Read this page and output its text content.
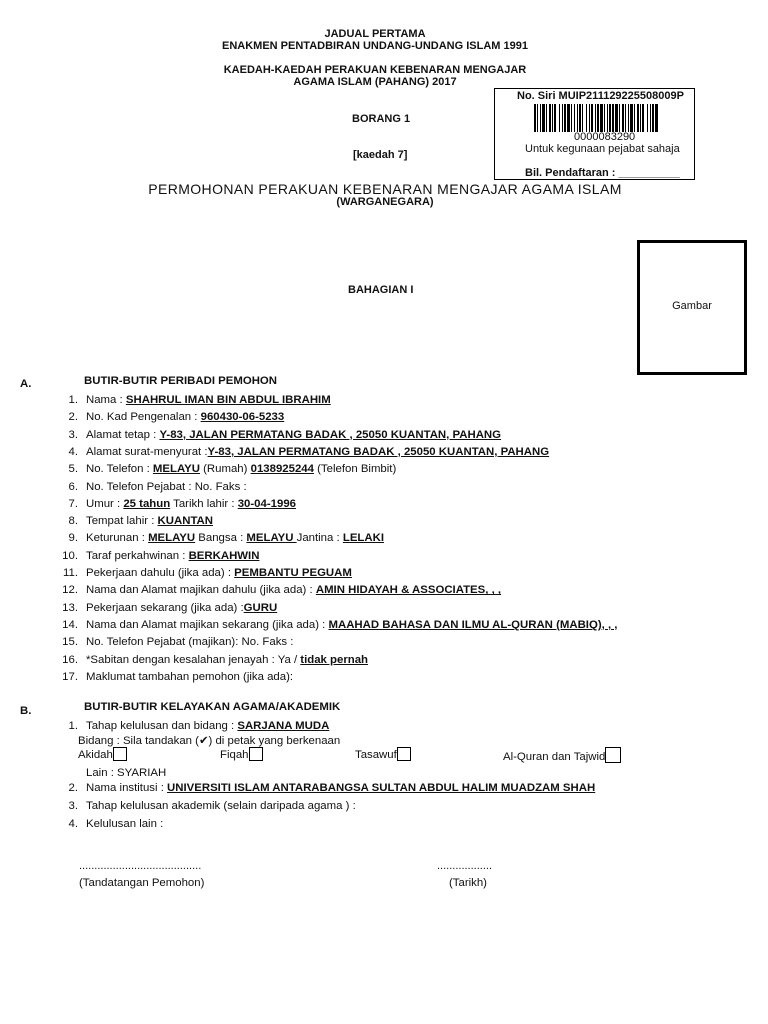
JADUAL PERTAMA
ENAKMEN PENTADBIRAN UNDANG-UNDANG ISLAM 1991
KAEDAH-KAEDAH PERAKUAN KEBENARAN MENGAJAR
AGAMA ISLAM (PAHANG) 2017
BORANG 1
[kaedah 7]
No. Siri MUIP211129225508009P
0000083290
Untuk kegunaan pejabat sahaja
Bil. Pendaftaran : __________
PERMOHONAN PERAKUAN KEBENARAN MENGAJAR AGAMA ISLAM
(WARGANEGARA)
BAHAGIAN I
Gambar
A.	BUTIR-BUTIR PERIBADI PEMOHON
1. Nama : SHAHRUL IMAN BIN ABDUL IBRAHIM
2. No. Kad Pengenalan : 960430-06-5233
3. Alamat tetap : Y-83, JALAN PERMATANG BADAK , 25050 KUANTAN, PAHANG
4. Alamat surat-menyurat :Y-83, JALAN PERMATANG BADAK , 25050 KUANTAN, PAHANG
5. No. Telefon : MELAYU (Rumah) 0138925244 (Telefon Bimbit)
6. No. Telefon Pejabat : No. Faks :
7. Umur : 25 tahun Tarikh lahir : 30-04-1996
8. Tempat lahir : KUANTAN
9. Keturunan : MELAYU Bangsa : MELAYU Jantina : LELAKI
10. Taraf perkahwinan : BERKAHWIN
11. Pekerjaan dahulu (jika ada) : PEMBANTU PEGUAM
12. Nama dan Alamat majikan dahulu (jika ada) : AMIN HIDAYAH & ASSOCIATES, , ,
13. Pekerjaan sekarang (jika ada) :GURU
14. Nama dan Alamat majikan sekarang (jika ada) : MAAHAD BAHASA DAN ILMU AL-QURAN (MABIQ), , ,
15. No. Telefon Pejabat (majikan): No. Faks :
16. *Sabitan dengan kesalahan jenayah : Ya / tidak pernah
17. Maklumat tambahan pemohon (jika ada):
B.	BUTIR-BUTIR KELAYAKAN AGAMA/AKADEMIK
1. Tahap kelulusan dan bidang : SARJANA MUDA
Bidang : Sila tandakan (✔) di petak yang berkenaan
Akidah	Fiqah	Tasawuf	Al-Quran dan Tajwid
Lain : SYARIAH
2. Nama institusi : UNIVERSITI ISLAM ANTARABANGSA SULTAN ABDUL HALIM MUADZAM SHAH
3. Tahap kelulusan akademik (selain daripada agama ) :
4. Kelulusan lain :
........................................
(Tandatangan Pemohon)
..................
(Tarikh)
